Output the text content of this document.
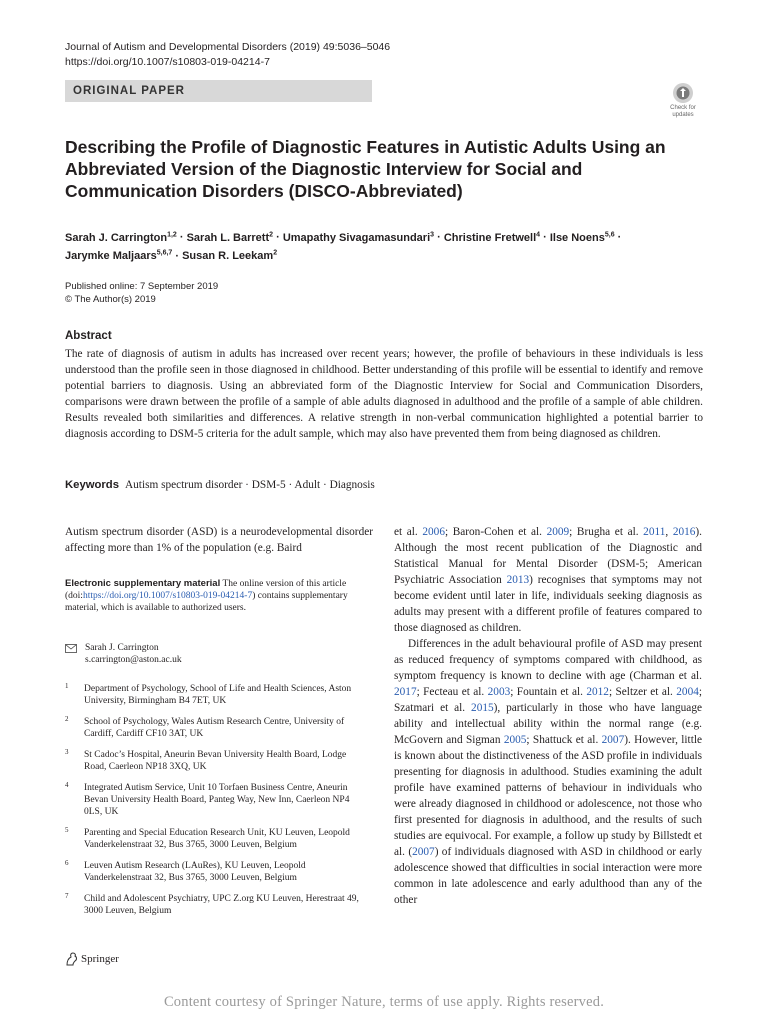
Journal of Autism and Developmental Disorders (2019) 49:5036–5046
https://doi.org/10.1007/s10803-019-04214-7
ORIGINAL PAPER
Check for updates
Describing the Profile of Diagnostic Features in Autistic Adults Using an Abbreviated Version of the Diagnostic Interview for Social and Communication Disorders (DISCO-Abbreviated)
Sarah J. Carrington$^{1,2}$ · Sarah L. Barrett$^2$ · Umapathy Sivagamasundari$^3$ · Christine Fretwell$^4$ · Ilse Noens$^{5,6}$ ·
Jarymke Maljaars$^{5,6,7}$ · Susan R. Leekam$^2$
Published online: 7 September 2019
© The Author(s) 2019
Abstract
The rate of diagnosis of autism in adults has increased over recent years; however, the profile of behaviours in these individuals is less understood than the profile seen in those diagnosed in childhood. Better understanding of this profile will be essential to identify and remove potential barriers to diagnosis. Using an abbreviated form of the Diagnostic Interview for Social and Communication Disorders, comparisons were drawn between the profile of a sample of able adults diagnosed in adulthood and the profile of a sample of able children. Results revealed both similarities and differences. A relative strength in non-verbal communication highlighted a potential barrier to diagnosis according to DSM-5 criteria for the adult sample, which may also have prevented them from being diagnosed as children.
Keywords Autism spectrum disorder · DSM-5 · Adult · Diagnosis
Autism spectrum disorder (ASD) is a neurodevelopmental disorder affecting more than 1% of the population (e.g. Baird
Electronic supplementary material The online version of this article (doi:https://doi.org/10.1007/s10803-019-04214-7) contains supplementary material, which is available to authorized users.
Sarah J. Carrington
s.carrington@aston.ac.uk
1 Department of Psychology, School of Life and Health Sciences, Aston University, Birmingham B4 7ET, UK
2 School of Psychology, Wales Autism Research Centre, University of Cardiff, Cardiff CF10 3AT, UK
3 St Cadoc’s Hospital, Aneurin Bevan University Health Board, Lodge Road, Caerleon NP18 3XQ, UK
4 Integrated Autism Service, Unit 10 Torfaen Business Centre, Aneurin Bevan University Health Board, Panteg Way, New Inn, Caerleon NP4 0LS, UK
5 Parenting and Special Education Research Unit, KU Leuven, Leopold Vanderkelenstraat 32, Bus 3765, 3000 Leuven, Belgium
6 Leuven Autism Research (LAuRes), KU Leuven, Leopold Vanderkelenstraat 32, Bus 3765, 3000 Leuven, Belgium
7 Child and Adolescent Psychiatry, UPC Z.org KU Leuven, Herestraat 49, 3000 Leuven, Belgium

et al. 2006; Baron-Cohen et al. 2009; Brugha et al. 2011, 2016). Although the most recent publication of the Diagnostic and Statistical Manual for Mental Disorder (DSM-5; American Psychiatric Association 2013) recognises that symptoms may not become evident until later in life, individuals seeking diagnosis as adults may present with a different profile of features compared to those diagnosed as children.

Differences in the adult behavioural profile of ASD may present as reduced frequency of symptoms compared with childhood, as symptom frequency is known to decline with age (Charman et al. 2017; Fecteau et al. 2003; Fountain et al. 2012; Seltzer et al. 2004; Szatmari et al. 2015), particularly in those who have language ability and intellectual ability within the normal range (e.g. McGovern and Sigman 2005; Shattuck et al. 2007). However, little is known about the distinctiveness of the ASD profile in individuals presenting for diagnosis in adulthood. Studies examining the adult profile have examined patterns of behaviour in individuals who were already diagnosed in childhood or adolescence, not those who first presented for diagnosis in adulthood, and the results of such studies are equivocal. For example, a follow up study by Billstedt et al. (2007) of individuals diagnosed with ASD in childhood or early adolescence showed that difficulties in social interaction were more common in late adolescence and early adulthood than any of the other

Springer
Content courtesy of Springer Nature, terms of use apply. Rights reserved.
